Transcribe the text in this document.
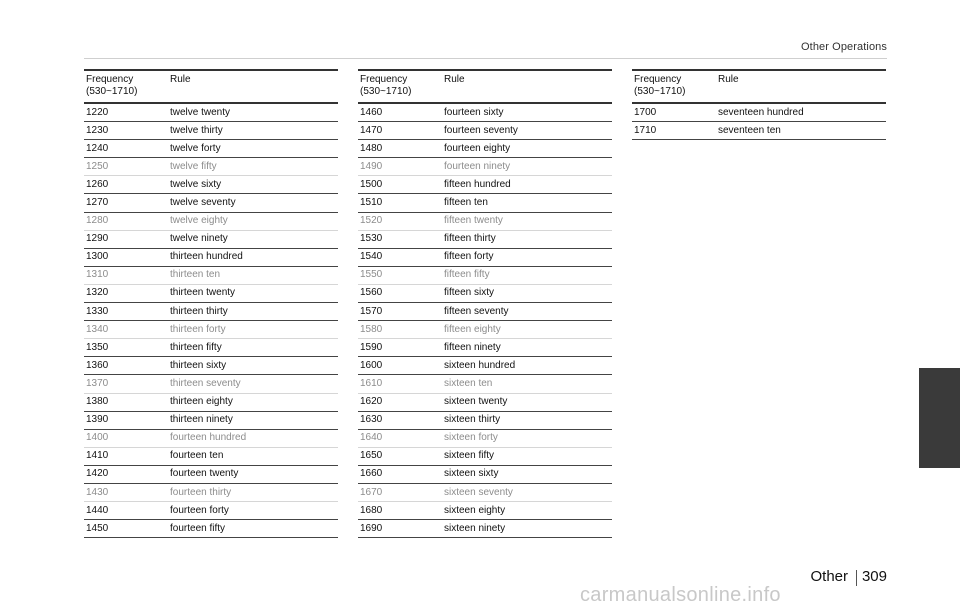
Other Operations
Frequency
(530~1710)	Rule
1220	twelve twenty
1230	twelve thirty
1240	twelve forty
1250	twelve fifty
1260	twelve sixty
1270	twelve seventy
1280	twelve eighty
1290	twelve ninety
1300	thirteen hundred
1310	thirteen ten
1320	thirteen twenty
1330	thirteen thirty
1340	thirteen forty
1350	thirteen fifty
1360	thirteen sixty
1370	thirteen seventy
1380	thirteen eighty
1390	thirteen ninety
1400	fourteen hundred
1410	fourteen ten
1420	fourteen twenty
1430	fourteen thirty
1440	fourteen forty
1450	fourteen fifty
Frequency
(530~1710)	Rule
1460	fourteen sixty
1470	fourteen seventy
1480	fourteen eighty
1490	fourteen ninety
1500	fifteen hundred
1510	fifteen ten
1520	fifteen twenty
1530	fifteen thirty
1540	fifteen forty
1550	fifteen fifty
1560	fifteen sixty
1570	fifteen seventy
1580	fifteen eighty
1590	fifteen ninety
1600	sixteen hundred
1610	sixteen ten
1620	sixteen twenty
1630	sixteen thirty
1640	sixteen forty
1650	sixteen fifty
1660	sixteen sixty
1670	sixteen seventy
1680	sixteen eighty
1690	sixteen ninety
Frequency
(530~1710)	Rule
1700	seventeen hundred
1710	seventeen ten
Other 309
carmanualsonline.info
